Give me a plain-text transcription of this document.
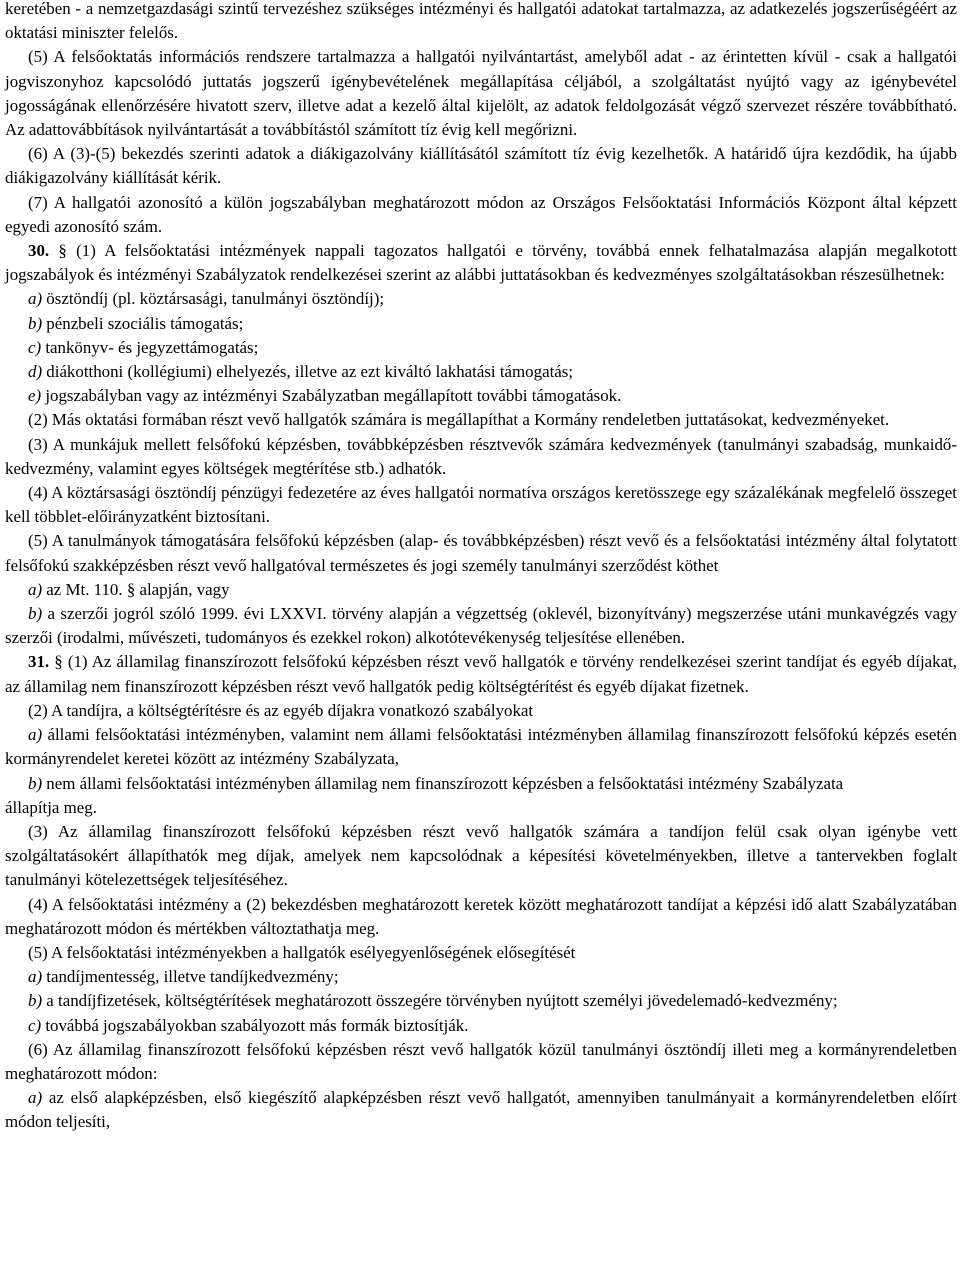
keretében - a nemzetgazdasági szintű tervezéshez szükséges intézményi és hallgatói adatokat tartalmazza, az adatkezelés jogszerűségéért az oktatási miniszter felelős.

(5) A felsőoktatás információs rendszere tartalmazza a hallgatói nyilvántartást, amelyből adat - az érintetten kívül - csak a hallgatói jogviszonyhoz kapcsolódó juttatás jogszerű igénybevételének megállapítása céljából, a szolgáltatást nyújtó vagy az igénybevétel jogosságának ellenőrzésére hivatott szerv, illetve adat a kezelő által kijelölt, az adatok feldolgozását végző szervezet részére továbbítható. Az adattovábbítások nyilvántartását a továbbítástól számított tíz évig kell megőrizni.

(6) A (3)-(5) bekezdés szerinti adatok a diákigazolvány kiállításától számított tíz évig kezelhetők. A határidő újra kezdődik, ha újabb diákigazolvány kiállítását kérik.

(7) A hallgatói azonosító a külön jogszabályban meghatározott módon az Országos Felsőoktatási Információs Központ által képzett egyedi azonosító szám.

30. § (1) A felsőoktatási intézmények nappali tagozatos hallgatói e törvény, továbbá ennek felhatalmazása alapján megalkotott jogszabályok és intézményi Szabályzatok rendelkezései szerint az alábbi juttatásokban és kedvezményes szolgáltatásokban részesülhetnek:

a) ösztöndíj (pl. köztársasági, tanulmányi ösztöndíj);

b) pénzbeli szociális támogatás;

c) tankönyv- és jegyzettámogatás;

d) diákotthoni (kollégiumi) elhelyezés, illetve az ezt kiváltó lakhatási támogatás;

e) jogszabályban vagy az intézményi Szabályzatban megállapított további támogatások.

(2) Más oktatási formában részt vevő hallgatók számára is megállapíthat a Kormány rendeletben juttatásokat, kedvezményeket.

(3) A munkájuk mellett felsőfokú képzésben, továbbképzésben résztvevők számára kedvezmények (tanulmányi szabadság, munkaidő-kedvezmény, valamint egyes költségek megtérítése stb.) adhatók.

(4) A köztársasági ösztöndíj pénzügyi fedezetére az éves hallgatói normatíva országos keretösszege egy százalékának megfelelő összeget kell többlet-előirányzatként biztosítani.

(5) A tanulmányok támogatására felsőfokú képzésben (alap- és továbbképzésben) részt vevő és a felsőoktatási intézmény által folytatott felsőfokú szakképzésben részt vevő hallgatóval természetes és jogi személy tanulmányi szerződést köthet

a) az Mt. 110. § alapján, vagy

b) a szerzői jogról szóló 1999. évi LXXVI. törvény alapján a végzettség (oklevél, bizonyítvány) megszerzése utáni munkavégzés vagy szerzői (irodalmi, művészeti, tudományos és ezekkel rokon) alkotótevékenység teljesítése ellenében.

31. § (1) Az államilag finanszírozott felsőfokú képzésben részt vevő hallgatók e törvény rendelkezései szerint tandíjat és egyéb díjakat, az államilag nem finanszírozott képzésben részt vevő hallgatók pedig költségtérítést és egyéb díjakat fizetnek.

(2) A tandíjra, a költségtérítésre és az egyéb díjakra vonatkozó szabályokat

a) állami felsőoktatási intézményben, valamint nem állami felsőoktatási intézményben államilag finanszírozott felsőfokú képzés esetén kormányrendelet keretei között az intézmény Szabályzata,

b) nem állami felsőoktatási intézményben államilag nem finanszírozott képzésben a felsőoktatási intézmény Szabályzata

állapítja meg.

(3) Az államilag finanszírozott felsőfokú képzésben részt vevő hallgatók számára a tandíjon felül csak olyan igénybe vett szolgáltatásokért állapíthatók meg díjak, amelyek nem kapcsolódnak a képesítési követelményekben, illetve a tantervekben foglalt tanulmányi kötelezettségek teljesítéséhez.

(4) A felsőoktatási intézmény a (2) bekezdésben meghatározott keretek között meghatározott tandíjat a képzési idő alatt Szabályzatában meghatározott módon és mértékben változtathatja meg.

(5) A felsőoktatási intézményekben a hallgatók esélyegyenlőségének elősegítését

a) tandíjmentesség, illetve tandíjkedvezmény;

b) a tandíjfizetések, költségtérítések meghatározott összegére törvényben nyújtott személyi jövedelemadó-kedvezmény;

c) továbbá jogszabályokban szabályozott más formák biztosítják.

(6) Az államilag finanszírozott felsőfokú képzésben részt vevő hallgatók közül tanulmányi ösztöndíj illeti meg a kormányrendeletben meghatározott módon:

a) az első alapképzésben, első kiegészítő alapképzésben részt vevő hallgatót, amennyiben tanulmányait a kormányrendeletben előírt módon teljesíti,
